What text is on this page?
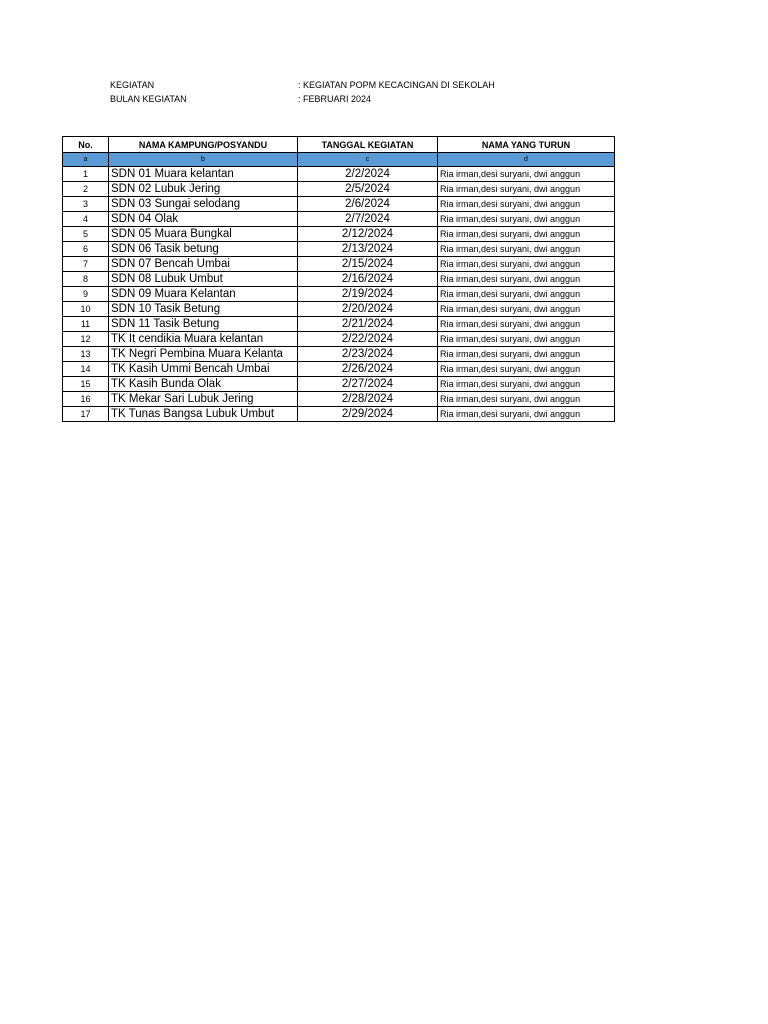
KEGIATAN	: KEGIATAN POPM KECACINGAN DI SEKOLAH
BULAN KEGIATAN	: FEBRUARI 2024
No.	NAMA KAMPUNG/POSYANDU	TANGGAL KEGIATAN	NAMA YANG TURUN
a	b	c	d
1	SDN 01 Muara kelantan	2/2/2024	Ria irman,desi suryani, dwi anggun
2	SDN 02 Lubuk Jering	2/5/2024	Ria irman,desi suryani, dwi anggun
3	SDN 03 Sungai selodang	2/6/2024	Ria irman,desi suryani, dwi anggun
4	SDN 04 Olak	2/7/2024	Ria irman,desi suryani, dwi anggun
5	SDN 05 Muara Bungkal	2/12/2024	Ria irman,desi suryani, dwi anggun
6	SDN 06 Tasik betung	2/13/2024	Ria irman,desi suryani, dwi anggun
7	SDN 07 Bencah Umbai	2/15/2024	Ria irman,desi suryani, dwi anggun
8	SDN 08 Lubuk Umbut	2/16/2024	Ria irman,desi suryani, dwi anggun
9	SDN 09 Muara Kelantan	2/19/2024	Ria irman,desi suryani, dwi anggun
10	SDN 10 Tasik Betung	2/20/2024	Ria irman,desi suryani, dwi anggun
11	SDN 11 Tasik Betung	2/21/2024	Ria irman,desi suryani, dwi anggun
12	TK It cendikia Muara kelantan	2/22/2024	Ria irman,desi suryani, dwi anggun
13	TK Negri Pembina Muara Kelanta	2/23/2024	Ria irman,desi suryani, dwi anggun
14	TK Kasih Ummi Bencah Umbai	2/26/2024	Ria irman,desi suryani, dwi anggun
15	TK Kasih Bunda Olak	2/27/2024	Ria irman,desi suryani, dwi anggun
16	TK Mekar Sari Lubuk Jering	2/28/2024	Ria irman,desi suryani, dwi anggun
17	TK Tunas Bangsa Lubuk Umbut	2/29/2024	Ria irman,desi suryani, dwi anggun
